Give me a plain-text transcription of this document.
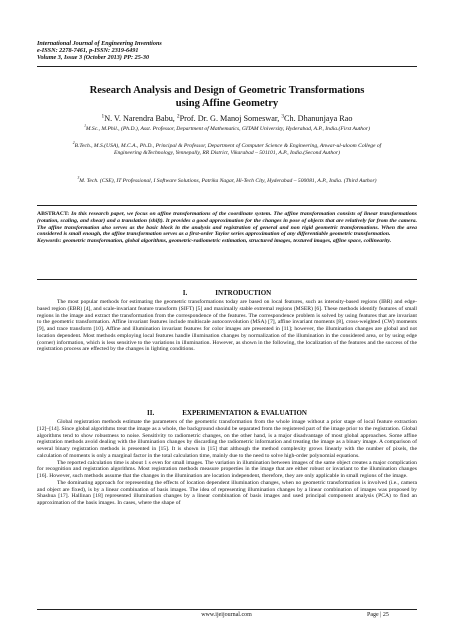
International Journal of Engineering Inventions
e-ISSN: 2278-7461, p-ISSN: 2319-6491
Volume 3, Issue 3 (October 2013) PP: 25-30
Research Analysis and Design of Geometric Transformations
using Affine Geometry
$^1$N. V. Narendra Babu, $^2$Prof. Dr. G. Manoj Someswar, $^3$Ch. Dhanunjaya Rao
$^1$M.Sc., M.Phil., (Ph.D.), Asst. Professor, Department of Mathematics, GITAM University, Hyderabad, A.P., India.(First Author)
$^2$B.Tech., M.S.(USA), M.C.A., Ph.D., Principal & Professor, Department of Computer Science & Engineering, Anwar-ul-uloom College of Engineering &Technology, Yennepally, RR District, Vikarabad – 501101, A.P., India.(Second Author)
$^3$M. Tech. (CSE), IT Professional, I Software Solutions, Patrika Nagar, Hi-Tech City, Hyderabad – 500081, A.P., India. (Third Author)

ABSTRACT: In this research paper, we focus on affine transformations of the coordinate system. The affine transformation consists of linear transformations (rotation, scaling, and shear) and a translation (shift). It provides a good approximation for the changes in pose of objects that are relatively far from the camera. The affine transformation also serves as the basic block in the analysis and registration of general and non rigid geometric transformations. When the area considered is small enough, the affine transformation serves as a first-order Taylor series approximation of any differentiable geometric transformation.

Keywords: geometric transformation, global algorithms, geometric-radiometric estimation, structured images, textured images, affine space, collinearity.

I.	INTRODUCTION

The most popular methods for estimating the geometric transformations today are based on local features, such as intensity-based regions (IBR) and edge-based region (EBR) [4], and scale-invariant feature transform (SIFT) [5] and maximally stable extremal regions (MSER) [6]. These methods identify features of small regions in the image and extract the transformation from the correspondence of the features. The correspondence problem is solved by using features that are invariant to the geometric transformation. Affine invariant features include multiscale autoconvolution (MSA) [7], affine invariant moments [8], cross-weighted (CW) moments [9], and trace transform [10]. Affine and illumination invariant features for color images are presented in [11]; however, the illumination changes are global and not location dependent. Most methods employing local features handle illumination changes by normalization of the illumination in the considered area, or by using edge (corner) information, which is less sensitive to the variations in illumination. However, as shown in the following, the localization of the features and the success of the registration process are effected by the changes in lighting conditions.

II.	EXPERIMENTATION & EVALUATION

Global registration methods estimate the parameters of the geometric transformation from the whole image without a prior stage of local feature extraction [12]–[14]. Since global algorithms treat the image as a whole, the background should be separated from the registered part of the image prior to the registration. Global algorithms tend to show robustness to noise. Sensitivity to radiometric changes, on the other hand, is a major disadvantage of most global approaches. Some affine registration methods avoid dealing with the illumination changes by discarding the radiometric information and treating the image as a binary image. A comparison of several binary registration methods is presented in [15]. It is shown in [15] that although the method complexity grows linearly with the number of pixels, the calculation of moments is only a marginal factor in the total calculation time, mainly due to the need to solve high-order polynomial equations.

The reported calculation time is about 1 s even for small images. The variation in illumination between images of the same object creates a major complication for recognition and registration algorithms. Most registration methods measure properties in the image that are either robust or invariant to the illumination changes [16]. However, such methods assume that the changes in the illumination are location independent, therefore, they are only applicable in small regions of the image.

The dominating approach for representing the effects of location dependent illumination changes, when no geometric transformation is involved (i.e., camera and object are fixed), is by a linear combination of basis images. The idea of representing illumination changes by a linear combination of images was proposed by Shashua [17]. Hallinan [18] represented illumination changes by a linear combination of basis images and used principal component analysis (PCA) to find an approximation of the basis images. In cases, where the shape of

www.ijeijournal.com	Page | 25
